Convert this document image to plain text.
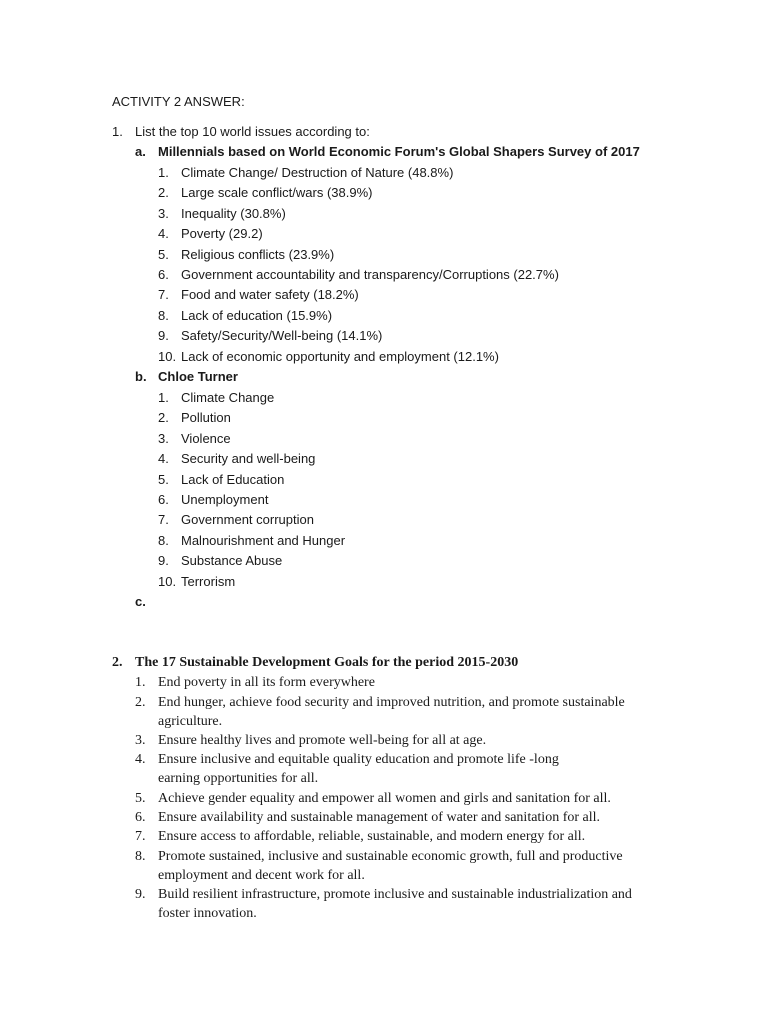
ACTIVITY 2 ANSWER:
1. List the top 10 world issues according to:
a. Millennials based on World Economic Forum's Global Shapers Survey of 2017
1. Climate Change/ Destruction of Nature (48.8%)
2. Large scale conflict/wars (38.9%)
3. Inequality (30.8%)
4. Poverty (29.2)
5. Religious conflicts (23.9%)
6. Government accountability and transparency/Corruptions (22.7%)
7. Food and water safety (18.2%)
8. Lack of education (15.9%)
9. Safety/Security/Well-being (14.1%)
10. Lack of economic opportunity and employment (12.1%)
b. Chloe Turner
1. Climate Change
2. Pollution
3. Violence
4. Security and well-being
5. Lack of Education
6. Unemployment
7. Government corruption
8. Malnourishment and Hunger
9. Substance Abuse
10. Terrorism
c.
2. The 17 Sustainable Development Goals for the period 2015-2030
1. End poverty in all its form everywhere
2. End hunger, achieve food security and improved nutrition, and promote sustainable
agriculture.
3. Ensure healthy lives and promote well-being for all at age.
4. Ensure inclusive and equitable quality education and promote life -long
earning opportunities for all.
5. Achieve gender equality and empower all women and girls and sanitation for all.
6. Ensure availability and sustainable management of water and sanitation for all.
7. Ensure access to affordable, reliable, sustainable, and modern energy for all.
8. Promote sustained, inclusive and sustainable economic growth, full and productive
employment and decent work for all.
9. Build resilient infrastructure, promote inclusive and sustainable industrialization and
foster innovation.
